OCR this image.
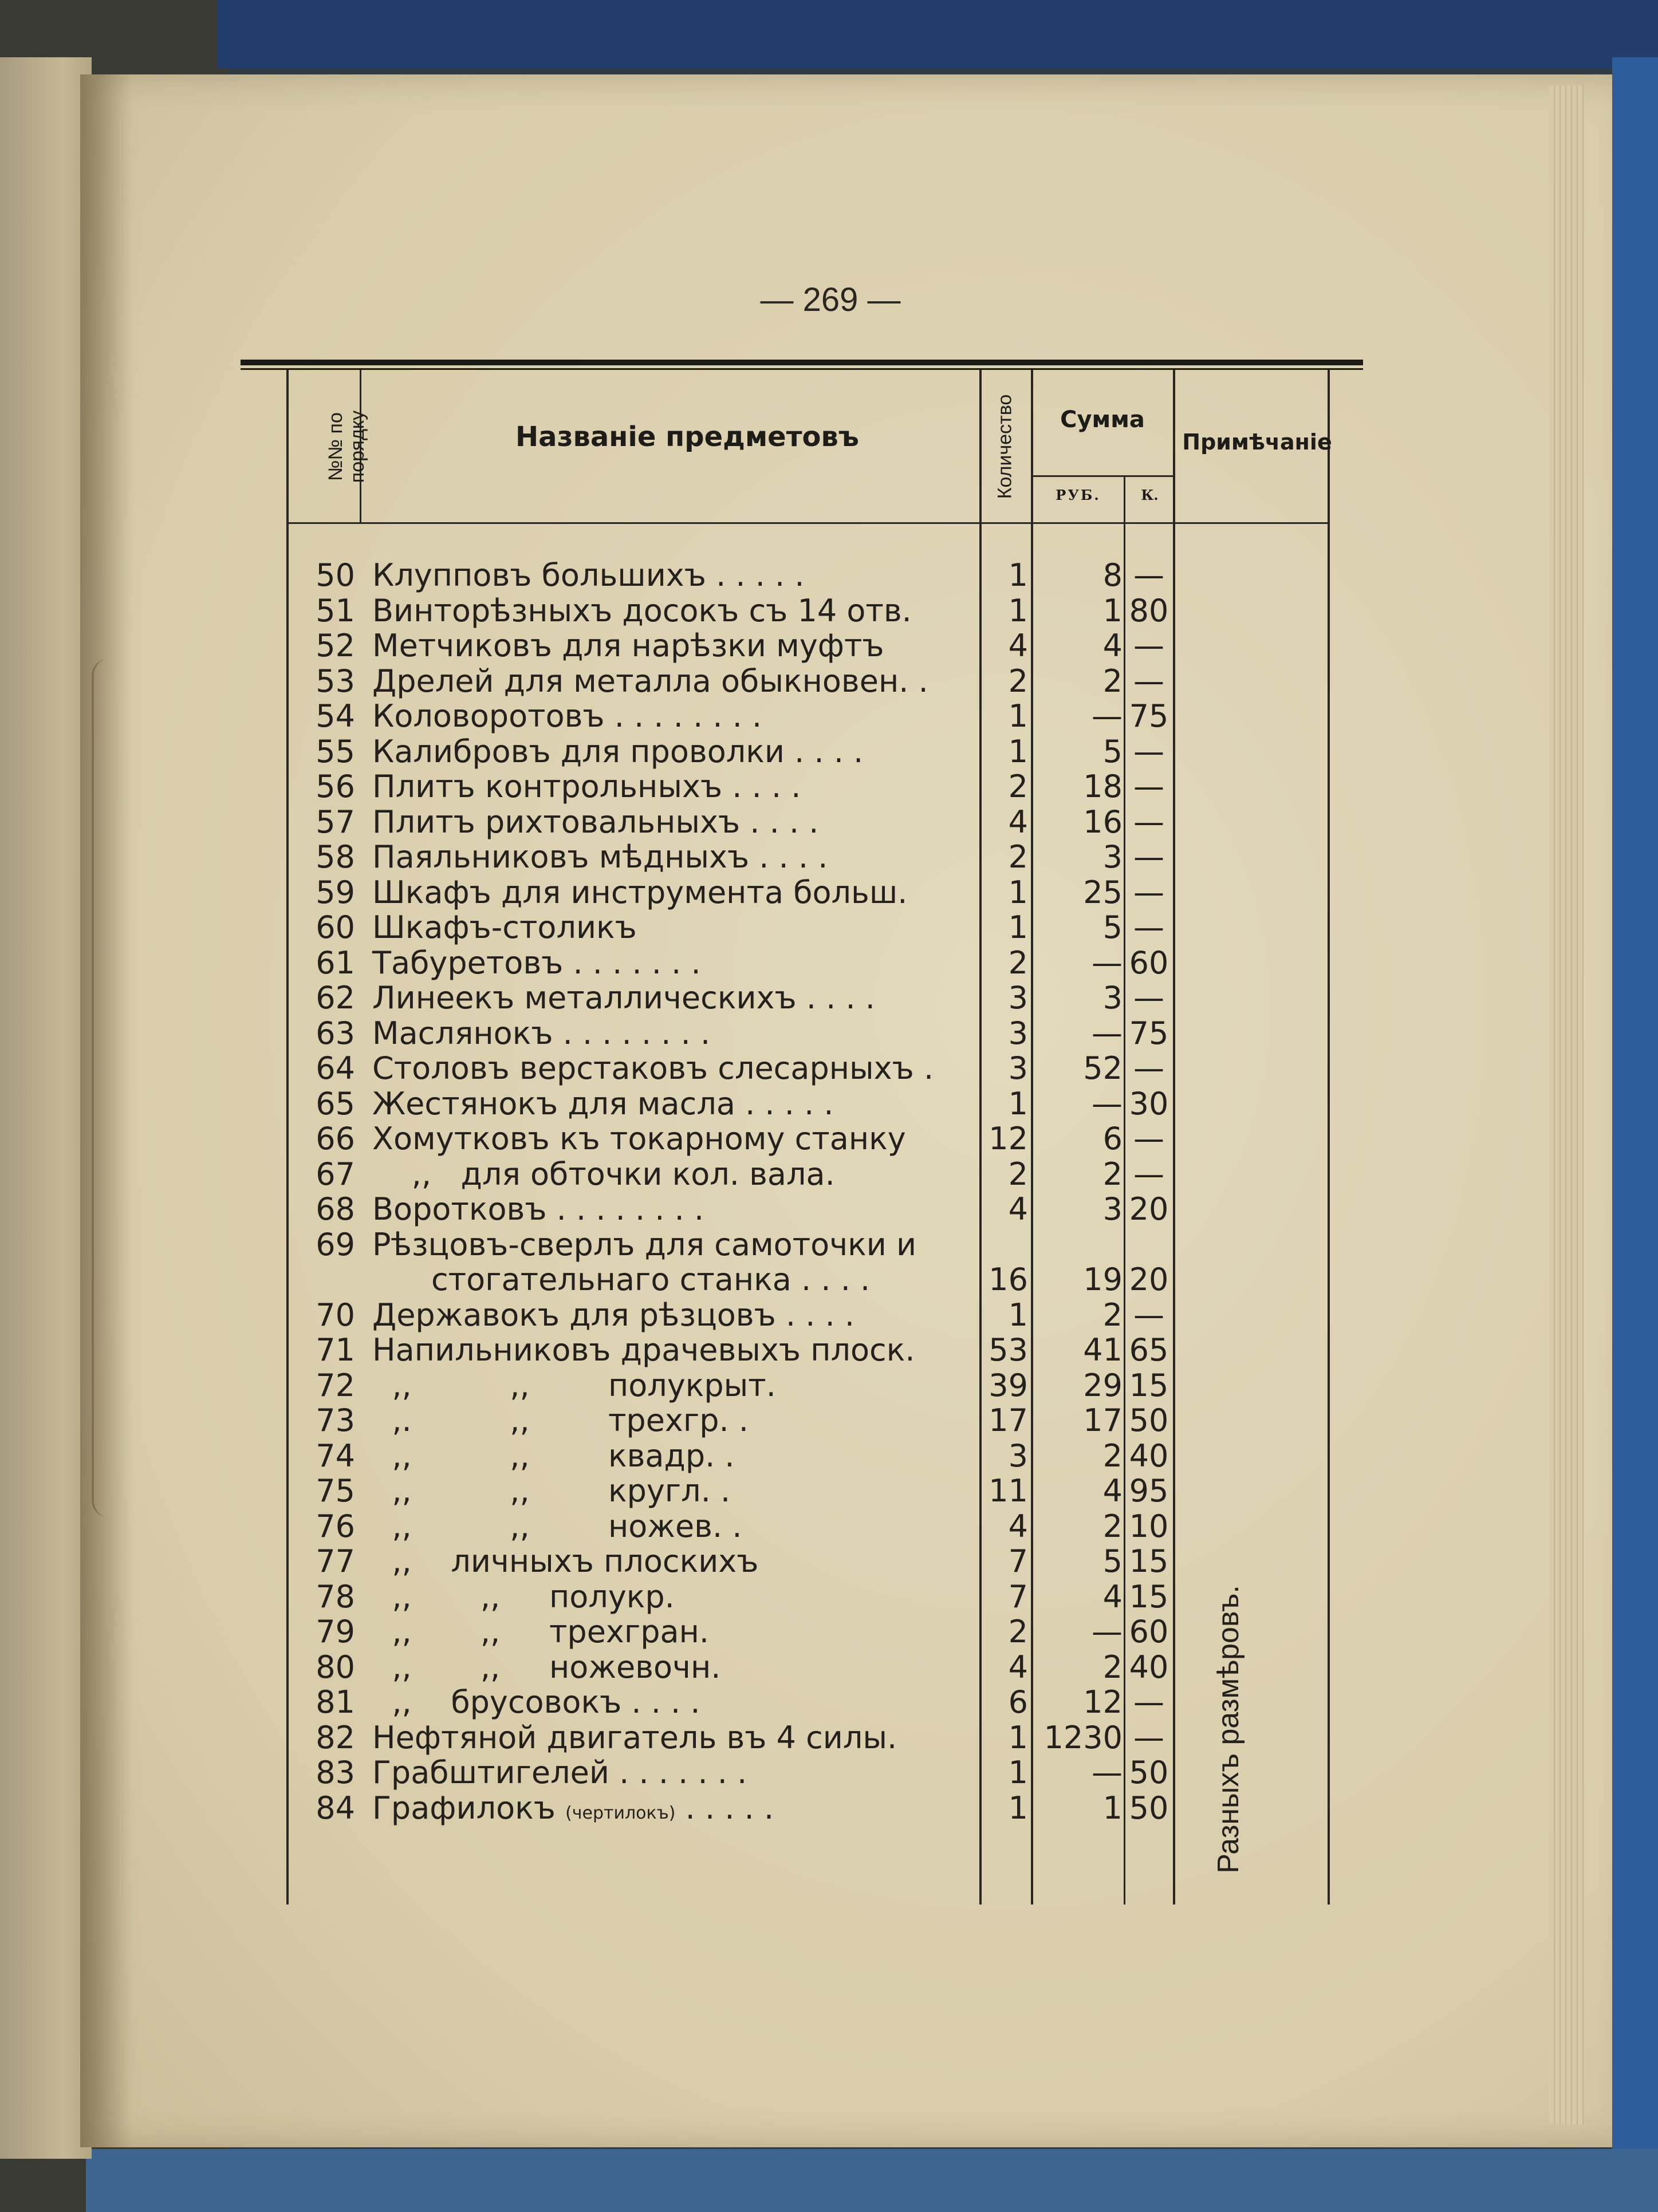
— 269 —
№№ по
порядку	Названіе предметовъ	Количество	Сумма
РУБ.	К.
Примѣчаніе
50 Клупповъ большихъ . . . . .	1	8 —
51 Винторѣзныхъ досокъ съ 14 отв.	1	1 80
52 Метчиковъ для нарѣзки муфтъ	4	4 —
53 Дрелей для металла обыкновен. .	2	2 —
54 Коловоротовъ . . . . . . . .	1	— 75
55 Калибровъ для проволки . . . .	1	5 —
56 Плитъ контрольныхъ . . . .	2	18 —
57 Плитъ рихтовальныхъ . . . .	4	16 —
58 Паяльниковъ мѣдныхъ . . . .	2	3 —
59 Шкафъ для инструмента больш.	1	25 —
60 Шкафъ-столикъ	1	5 —
61 Табуретовъ . . . . . . .	2	— 60
62 Линеекъ металлическихъ . . . .	3	3 —
63 Маслянокъ . . . . . . . .	3	— 75
64 Столовъ верстаковъ слесарныхъ .	3	52 —
65 Жестянокъ для масла . . . . .	1	— 30
66 Хомутковъ къ токарному станку	12	6 —
67 ,,   для обточки кол. вала.	2	2 —
68 Воротковъ . . . . . . . .	4	3 20
69 Рѣзцовъ-сверлъ для самоточки и
стогательнаго станка . . . .	16	19 20
70 Державокъ для рѣзцовъ . . . .	1	2 —
71 Напильниковъ драчевыхъ плоск.	53	41 65
72 ,,          ,,        полукрыт.	39	29 15
73 ,.          ,,        трехгр. .	17	17 50
74 ,,          ,,        квадр. .	3	2 40
75 ,,          ,,        кругл. .	11	4 95
76 ,,          ,,        ножев. .	4	2 10
77 ,,    личныхъ плоскихъ	7	5 15
78 ,,       ,,     полукр.	7	4 15
79 ,,       ,,     трехгран.	2	— 60
80 ,,       ,,     ножевочн.	4	2 40
81 ,,    брусовокъ . . . .	6	12 —
82 Нефтяной двигатель въ 4 силы.	1 1230 —
83 Грабштигелей . . . . . . .	1	— 50
84 Графилокъ (чертилокъ) . . . . .	1	1 50 Разныхъ размѣровъ.
